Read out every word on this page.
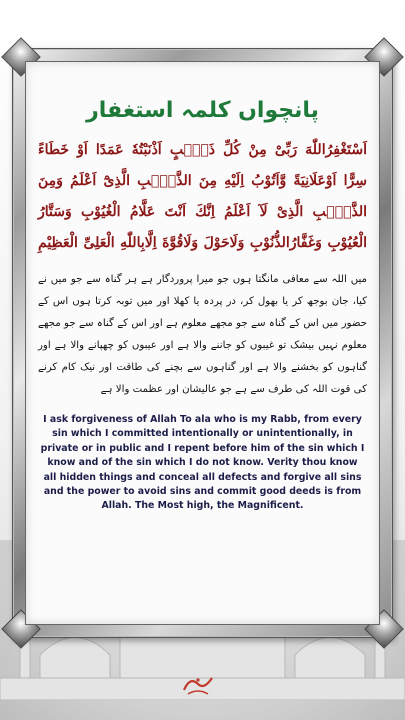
پانچواں کلمہ استغفار
اَسْتَغْفِرُاللّٰهَ رَبِّیْ مِنْ کُلِّ ذَنْۢبٍ اَذْنَبْتُهٗ عَمَدًا اَوْ خَطَاءً سِرًّا اَوْعَلَانِیَةً وَّاَتُوْبُ اِلَیْهِ مِنَ الذَّنْۢبِ الَّذِیْٓ اَعْلَمُ وَمِنَ الذَّنْۢبِ الَّذِیْ لَآ اَعْلَمُ اِنَّكَ اَنْتَ عَلَّامُ الْغُیُوْبِ وَسَتَّارُ الْعُیُوْبِ وَغَفَّارُالذُّنُوْبِ وَلَاحَوْلَ وَلَاقُوَّةَ اِلَّابِاللّٰهِ الْعَلِیِّ الْعَظِیْمِ
میں اللہ سے معافی مانگتا ہوں جو میرا پروردگار ہے ہر گناہ سے جو میں نے کیا، جان بوجھ کر یا بھول کر، در پردہ یا کھلا اور میں توبہ کرتا ہوں اس کے حضور میں اس کے گناہ سے جو مجھے معلوم ہے اور اس کے گناہ سے جو مجھے معلوم نہیں بیشک تو غیبوں کو جاننے والا ہے اور عیبوں کو چھپانے والا ہے اور گناہوں کو بخشنے والا ہے اور گناہوں سے بچنے کی طاقت اور نیک کام کرنے کی قوت اللہ کی طرف سے ہے جو عالیشان اور عظمت والا ہے
I ask forgiveness of Allah To ala who is my Rabb, from every sin which I committed intentionally or unintentionally, in private or in public and I repent before him of the sin which I know and of the sin which I do not know. Verity thou know all hidden things and conceal all defects and forgive all sins and the power to avoid sins and commit good deeds is from Allah. The Most high, the Magnificent.
